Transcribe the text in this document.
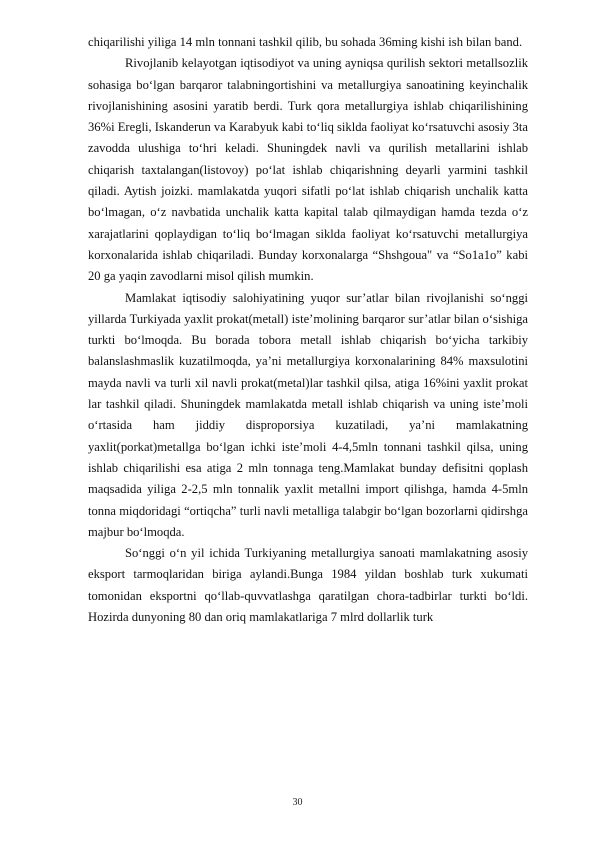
chiqarilishi yiliga 14 mln tonnani tashkil qilib, bu sohada 36ming kishi ish bilan band.

Rivojlanib kelayotgan iqtisodiyot va uning ayniqsa qurilish sektori metallsozlik sohasiga bo‘lgan barqaror talabningortishini va metallurgiya sanoatining keyinchalik rivojlanishining asosini yaratib berdi. Turk qora metallurgiya ishlab chiqarilishining 36%i Eregli, Iskanderun va Karabyuk kabi to‘liq siklda faoliyat ko‘rsatuvchi asosiy 3ta zavodda ulushiga to‘hri keladi. Shuningdek navli va qurilish metallarini ishlab chiqarish taxtalangan(listovoy) po‘lat ishlab chiqarishning deyarli yarmini tashkil qiladi. Aytish joizki. mamlakatda yuqori sifatli po‘lat ishlab chiqarish unchalik katta bo‘lmagan, o‘z navbatida unchalik katta kapital talab qilmaydigan hamda tezda o‘z xarajatlarini qoplaydigan to‘liq bo‘lmagan siklda faoliyat ko‘rsatuvchi metallurgiya korxonalarida ishlab chiqariladi. Bunday korxonalarga “Shshgoua" va “So1a1o” kabi 20 ga yaqin zavodlarni misol qilish mumkin.

Mamlakat iqtisodiy salohiyatining yuqor sur’atlar bilan rivojlanishi so‘nggi yillarda Turkiyada yaxlit prokat(metall) iste’molining barqaror sur’atlar bilan o‘sishiga turkti bo‘lmoqda. Bu borada tobora metall ishlab chiqarish bo‘yicha tarkibiy balanslashmaslik kuzatilmoqda, ya’ni metallurgiya korxonalarining 84% maxsulotini mayda navli va turli xil navli prokat(metal)lar tashkil qilsa, atiga 16%ini yaxlit prokat lar tashkil qiladi. Shuningdek mamlakatda metall ishlab chiqarish va uning iste’moli o‘rtasida ham jiddiy disproporsiya kuzatiladi, ya’ni mamlakatning yaxlit(porkat)metallga bo‘lgan ichki iste’moli 4-4,5mln tonnani tashkil qilsa, uning ishlab chiqarilishi esa atiga 2 mln tonnaga teng.Mamlakat bunday defisitni qoplash maqsadida yiliga 2-2,5 mln tonnalik yaxlit metallni import qilishga, hamda 4-5mln tonna miqdoridagi “ortiqcha” turli navli metalliga talabgir bo‘lgan bozorlarni qidirshga majbur bo‘lmoqda.

So‘nggi o‘n yil ichida Turkiyaning metallurgiya sanoati mamlakatning asosiy eksport tarmoqlaridan biriga aylandi.Bunga 1984 yildan boshlab turk xukumati tomonidan eksportni qo‘llab-quvvatlashga qaratilgan chora-tadbirlar turkti bo‘ldi. Hozirda dunyoning 80 dan oriq mamlakatlariga 7 mlrd dollarlik turk

30
